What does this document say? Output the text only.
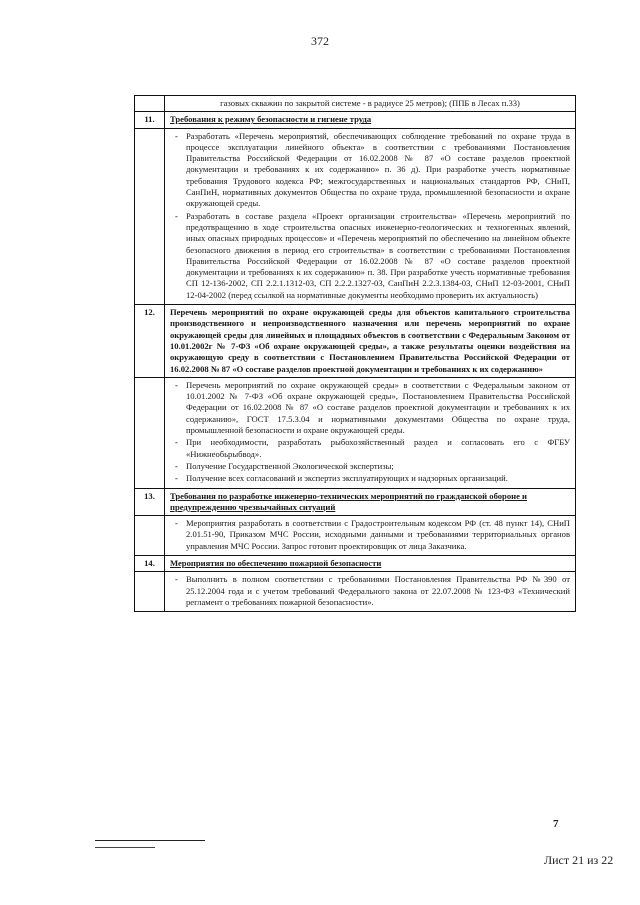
372
газовых скважин по закрытой системе - в радиусе 25 метров); (ППБ в Лесах п.33)
11.	Требования к режиму безопасности и гигиене труда
- Разработать «Перечень мероприятий, обеспечивающих соблюдение требований по охране труда в процессе эксплуатации линейного объекта» в соответствии с требованиями Постановления Правительства Российской Федерации от 16.02.2008 № 87 «О составе разделов проектной документации и требованиях к их содержанию» п. 36 д). При разработке учесть нормативные требования Трудового кодекса РФ; межгосударственных и национальных стандартов РФ, СНиП, СанПиН, нормативных документов Общества по охране труда, промышленной безопасности и охране окружающей среды.
- Разработать в составе раздела «Проект организации строительства» «Перечень мероприятий по предотвращению в ходе строительства опасных инженерно-геологических и техногенных явлений, иных опасных природных процессов» и «Перечень мероприятий по обеспечению на линейном объекте безопасного движения в период его строительства» в соответствии с требованиями Постановления Правительства Российской Федерации от 16.02.2008 № 87 «О составе разделов проектной документации и требованиях к их содержанию» п. 38. При разработке учесть нормативные требования СП 12-136-2002, СП 2.2.1.1312-03, СП 2.2.2.1327-03, СанПиН 2.2.3.1384-03, СНиП 12-03-2001, СНиП 12-04-2002 (перед ссылкой на нормативные документы необходимо проверить их актуальность)
12.	Перечень мероприятий по охране окружающей среды для объектов капитального строительства производственного и непроизводственного назначения или перечень мероприятий по охране окружающей среды для линейных и площадных объектов в соответствии с Федеральным Законом от 10.01.2002г № 7-ФЗ «Об охране окружающей среды», а также результаты оценки воздействия на окружающую среду в соответствии с Постановлением Правительства Российской Федерации от 16.02.2008 № 87 «О составе разделов проектной документации и требованиях к их содержанию»
- Перечень мероприятий по охране окружающей среды» в соответствии с Федеральным законом от 10.01.2002 № 7-ФЗ «Об охране окружающей среды», Постановлением Правительства Российской Федерации от 16.02.2008 № 87 «О составе разделов проектной документации и требованиях к их содержанию», ГОСТ 17.5.3.04 и нормативными документами Общества по охране труда, промышленной безопасности и охране окружающей среды.
- При необходимости, разработать рыбохозяйственный раздел и согласовать его с ФГБУ «Нижнеобьрыбвод».
- Получение Государственной Экологической экспертизы;
- Получение всех согласований и экспертиз эксплуатирующих и надзорных организаций.
13.	Требования по разработке инженерно-технических мероприятий по гражданской обороне и предупреждению чрезвычайных ситуаций
- Мероприятия разработать в соответствии с Градостроительным кодексом РФ (ст. 48 пункт 14), СНиП 2.01.51-90, Приказом МЧС России, исходными данными и требованиями территориальных органов управления МЧС России. Запрос готовит проектировщик от лица Заказчика.
14.	Мероприятия по обеспечению пожарной безопасности
- Выполнить в полном соответствии с требованиями Постановления Правительства РФ №390 от 25.12.2004 года и с учетом требований Федерального закона от 22.07.2008 № 123-ФЗ «Технический регламент о требованиях пожарной безопасности».
7
Лист 21 из 22
